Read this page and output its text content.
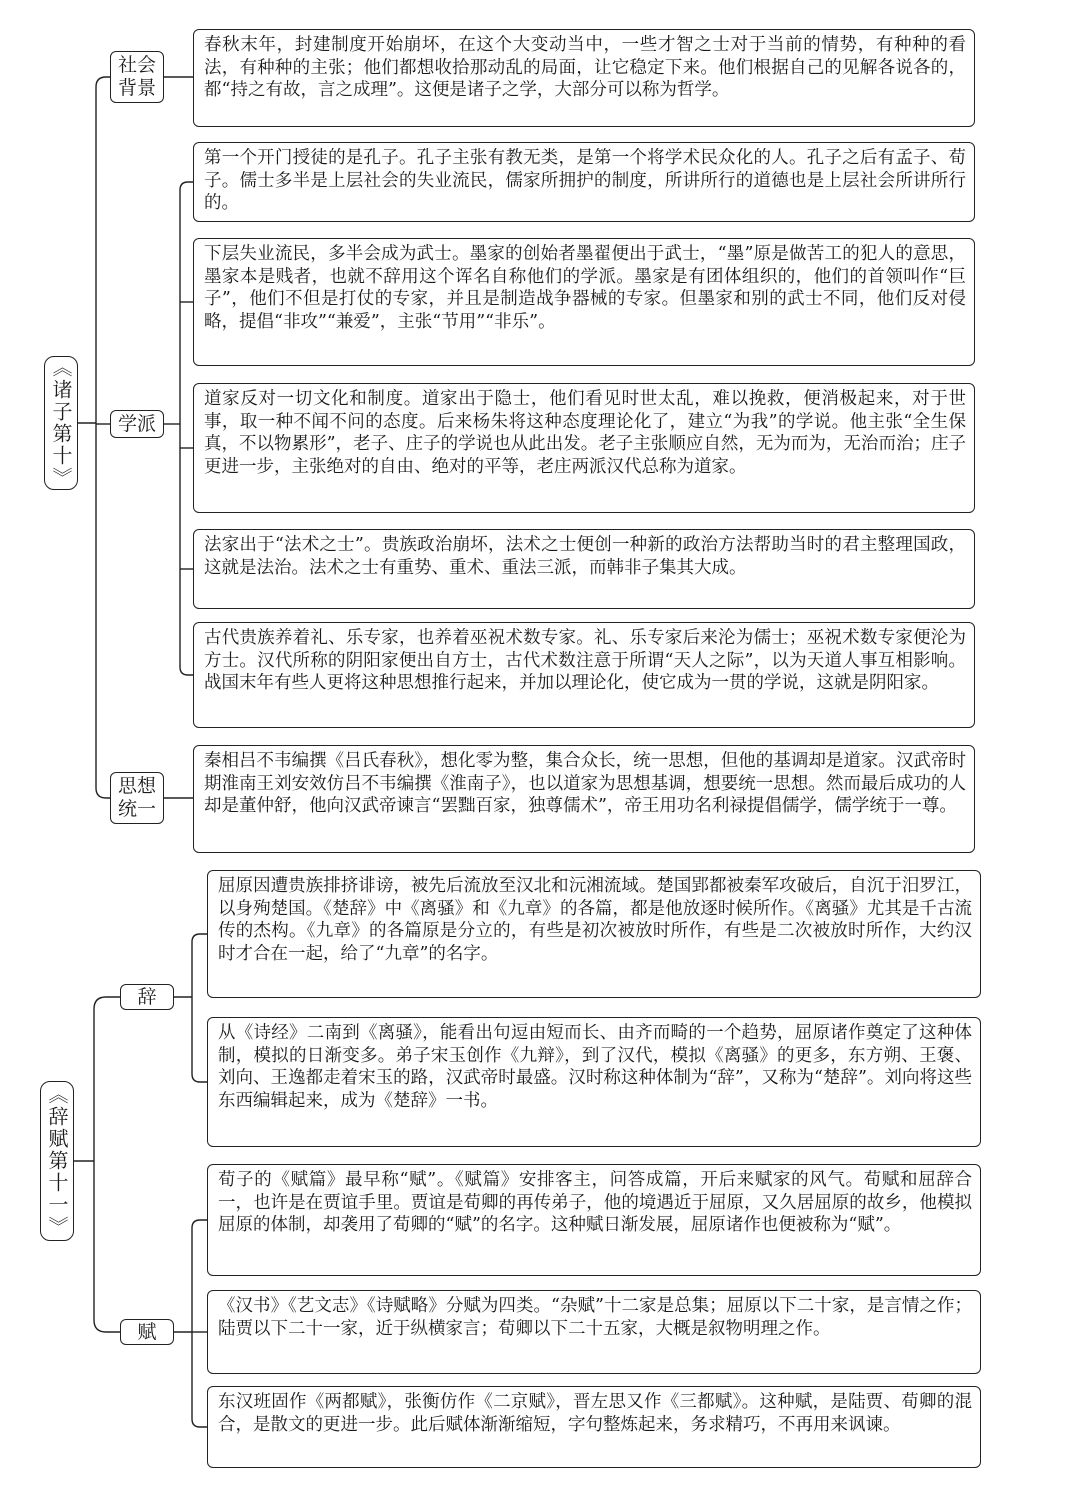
《诸子第十》
社会背景
春秋末年，封建制度开始崩坏，在这个大变动当中，一些才智之士对于当前的情势，有种种的看法，有种种的主张；他们都想收拾那动乱的局面，让它稳定下来。他们根据自己的见解各说各的，都“持之有故，言之成理”。这便是诸子之学，大部分可以称为哲学。
学派
第一个开门授徒的是孔子。孔子主张有教无类，是第一个将学术民众化的人。孔子之后有孟子、荀子。儒士多半是上层社会的失业流民，儒家所拥护的制度，所讲所行的道德也是上层社会所讲所行的。
下层失业流民，多半会成为武士。墨家的创始者墨翟便出于武士，“墨”原是做苦工的犯人的意思，墨家本是贱者，也就不辞用这个诨名自称他们的学派。墨家是有团体组织的，他们的首领叫作“巨子”，他们不但是打仗的专家，并且是制造战争器械的专家。但墨家和别的武士不同，他们反对侵略，提倡“非攻”“兼爱”，主张“节用”“非乐”。
道家反对一切文化和制度。道家出于隐士，他们看见时世太乱，难以挽救，便消极起来，对于世事，取一种不闻不问的态度。后来杨朱将这种态度理论化了，建立“为我”的学说。他主张“全生保真，不以物累形”，老子、庄子的学说也从此出发。老子主张顺应自然，无为而为，无治而治；庄子更进一步，主张绝对的自由、绝对的平等，老庄两派汉代总称为道家。
法家出于“法术之士”。贵族政治崩坏，法术之士便创一种新的政治方法帮助当时的君主整理国政，这就是法治。法术之士有重势、重术、重法三派，而韩非子集其大成。
古代贵族养着礼、乐专家，也养着巫祝术数专家。礼、乐专家后来沦为儒士；巫祝术数专家便沦为方士。汉代所称的阴阳家便出自方士，古代术数注意于所谓“天人之际”，以为天道人事互相影响。战国末年有些人更将这种思想推行起来，并加以理论化，使它成为一贯的学说，这就是阴阳家。
思想统一
秦相吕不韦编撰《吕氏春秋》，想化零为整，集合众长，统一思想，但他的基调却是道家。汉武帝时期淮南王刘安效仿吕不韦编撰《淮南子》，也以道家为思想基调，想要统一思想。然而最后成功的人却是董仲舒，他向汉武帝谏言“罢黜百家，独尊儒术”，帝王用功名利禄提倡儒学，儒学统于一尊。
《辞赋第十一》
辞
屈原因遭贵族排挤诽谤，被先后流放至汉北和沅湘流域。楚国郢都被秦军攻破后，自沉于汨罗江，以身殉楚国。《楚辞》中《离骚》和《九章》的各篇，都是他放逐时候所作。《离骚》尤其是千古流传的杰构。《九章》的各篇原是分立的，有些是初次被放时所作，有些是二次被放时所作，大约汉时才合在一起，给了“九章”的名字。
从《诗经》二南到《离骚》，能看出句逗由短而长、由齐而畸的一个趋势，屈原诸作奠定了这种体制，模拟的日渐变多。弟子宋玉创作《九辩》，到了汉代，模拟《离骚》的更多，东方朔、王褒、刘向、王逸都走着宋玉的路，汉武帝时最盛。汉时称这种体制为“辞”，又称为“楚辞”。刘向将这些东西编辑起来，成为《楚辞》一书。
赋
荀子的《赋篇》最早称“赋”。《赋篇》安排客主，问答成篇，开后来赋家的风气。荀赋和屈辞合一，也许是在贾谊手里。贾谊是荀卿的再传弟子，他的境遇近于屈原，又久居屈原的故乡，他模拟屈原的体制，却袭用了荀卿的“赋”的名字。这种赋日渐发展，屈原诸作也便被称为“赋”。
《汉书》《艺文志》《诗赋略》分赋为四类。“杂赋”十二家是总集；屈原以下二十家，是言情之作；陆贾以下二十一家，近于纵横家言；荀卿以下二十五家，大概是叙物明理之作。
东汉班固作《两都赋》，张衡仿作《二京赋》，晋左思又作《三都赋》。这种赋，是陆贾、荀卿的混合，是散文的更进一步。此后赋体渐渐缩短，字句整炼起来，务求精巧，不再用来讽谏。
